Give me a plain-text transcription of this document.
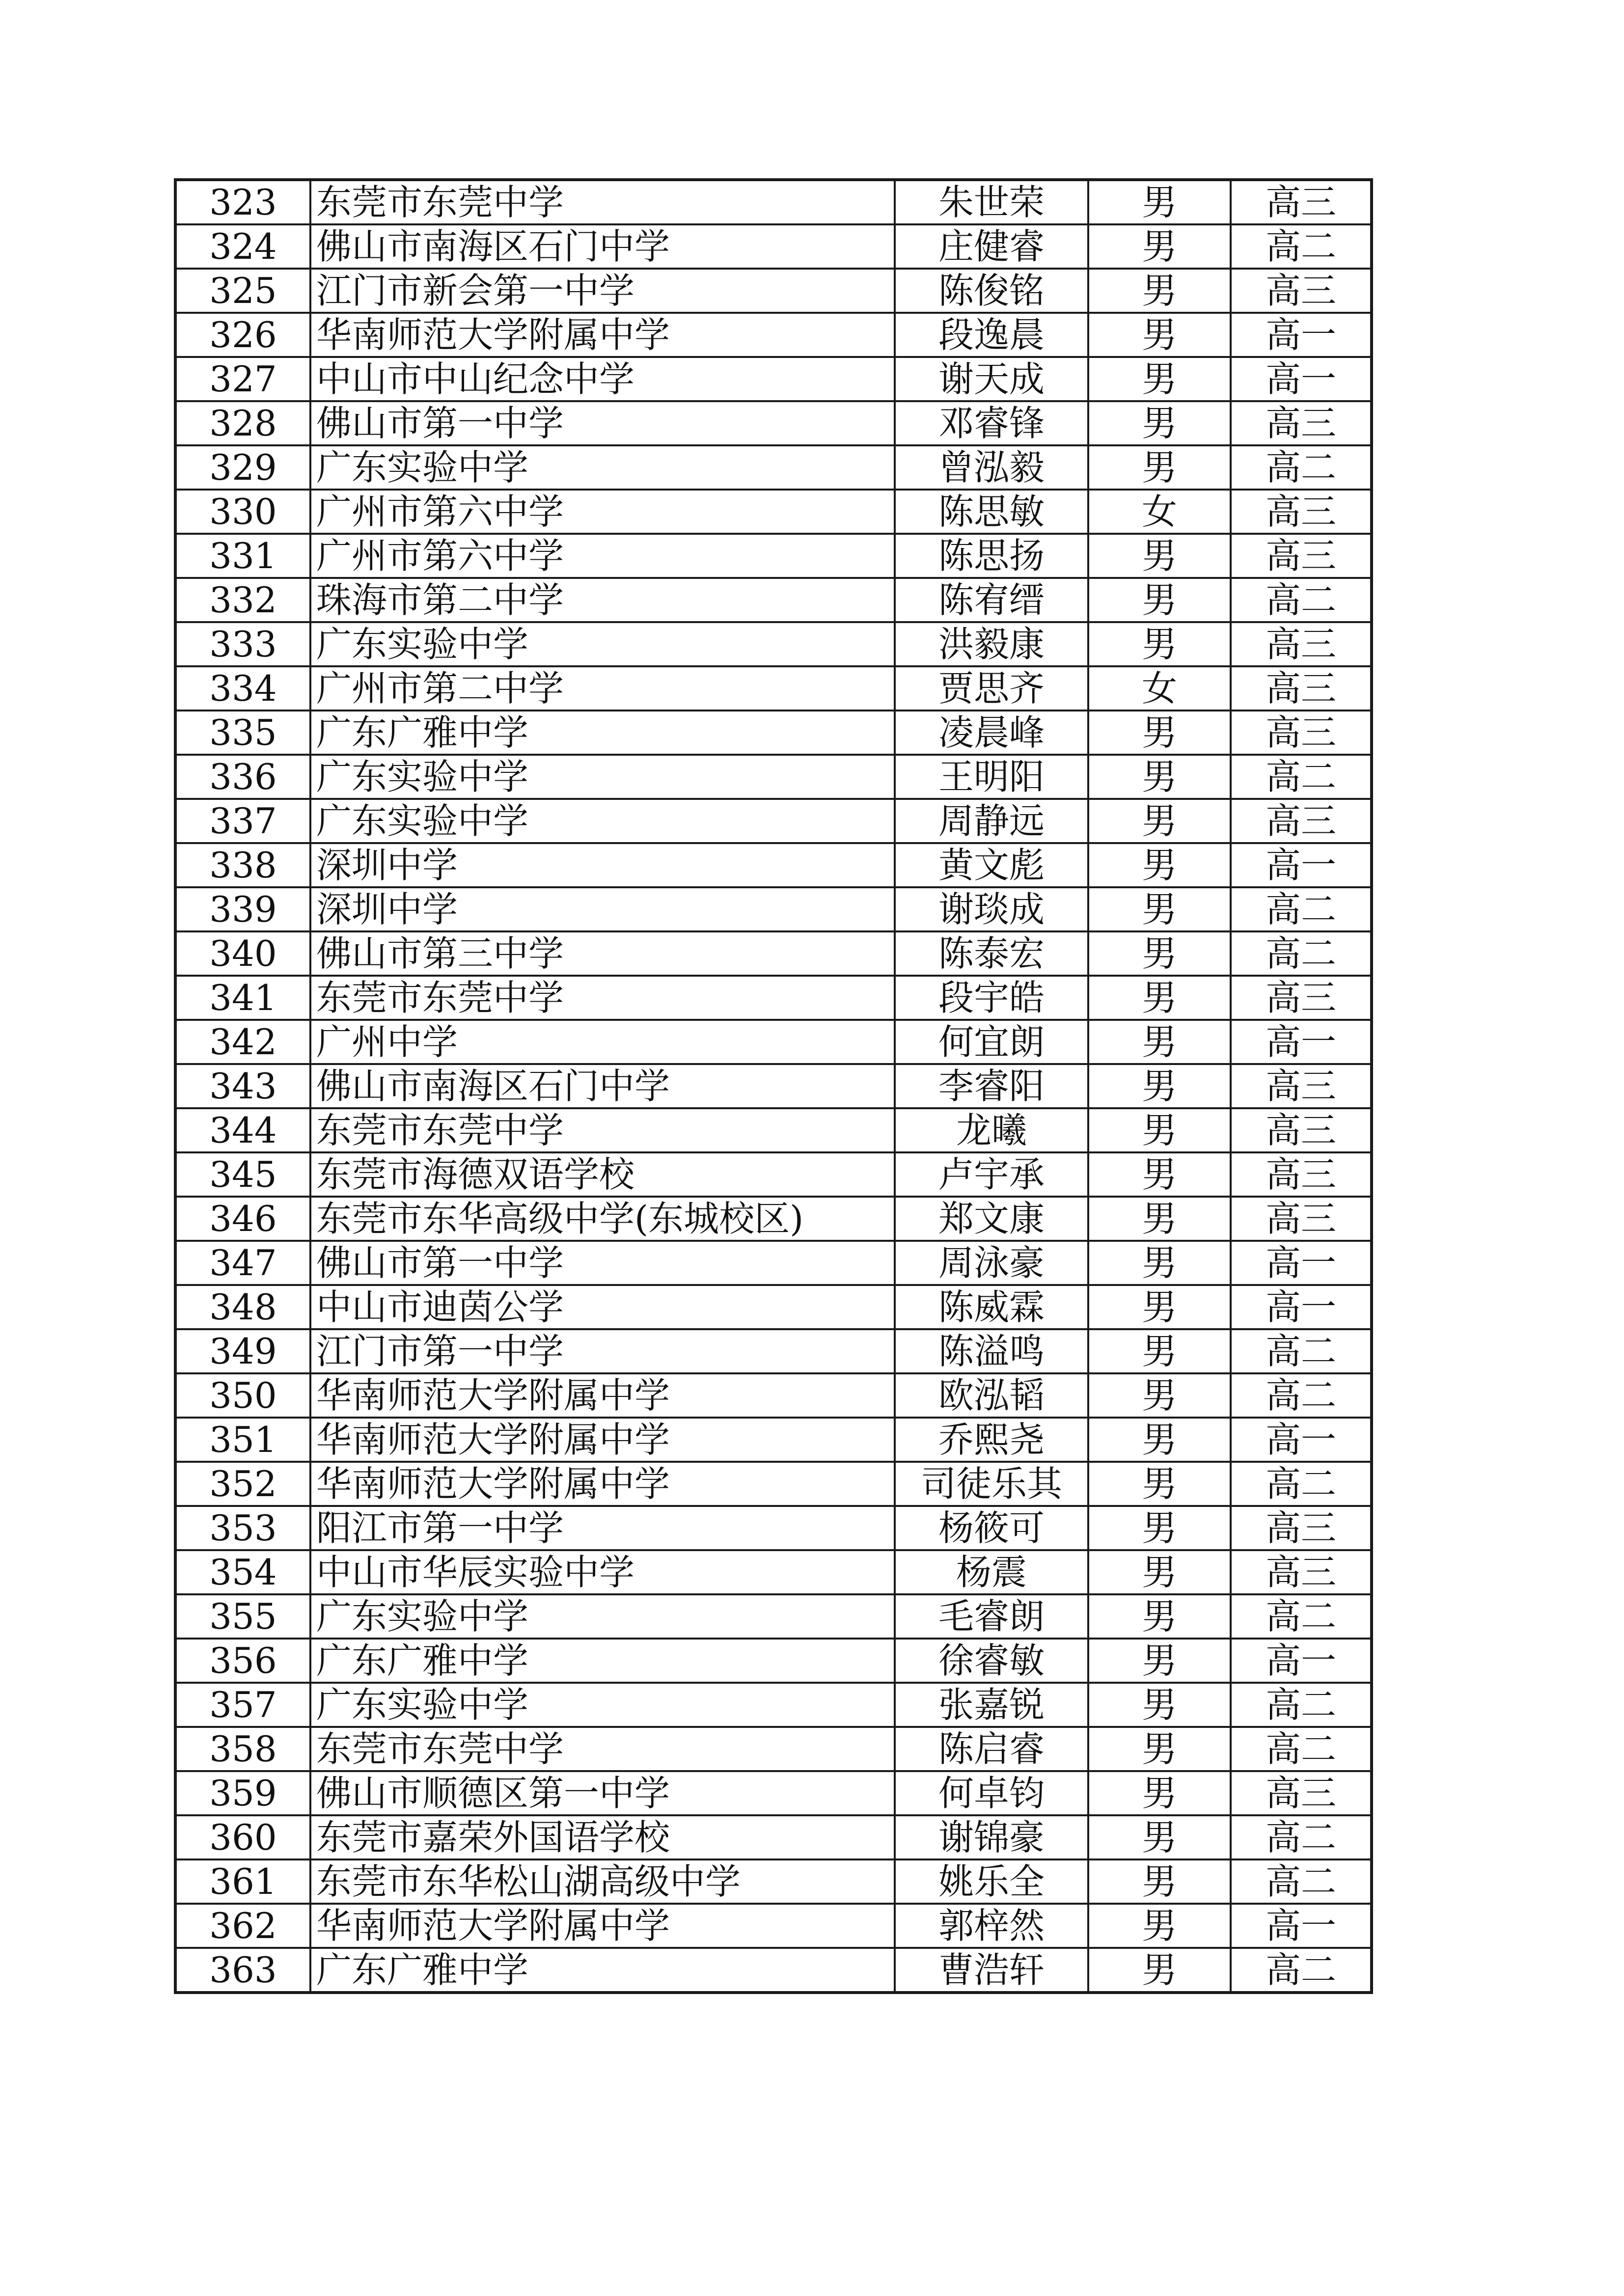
323	东莞市东莞中学	朱世荣	男	高三
324	佛山市南海区石门中学	庄健睿	男	高二
325	江门市新会第一中学	陈俊铭	男	高三
326	华南师范大学附属中学	段逸晨	男	高一
327	中山市中山纪念中学	谢天成	男	高一
328	佛山市第一中学	邓睿锋	男	高三
329	广东实验中学	曾泓毅	男	高二
330	广州市第六中学	陈思敏	女	高三
331	广州市第六中学	陈思扬	男	高三
332	珠海市第二中学	陈宥缙	男	高二
333	广东实验中学	洪毅康	男	高三
334	广州市第二中学	贾思齐	女	高三
335	广东广雅中学	凌晨峰	男	高三
336	广东实验中学	王明阳	男	高二
337	广东实验中学	周静远	男	高三
338	深圳中学	黄文彪	男	高一
339	深圳中学	谢琰成	男	高二
340	佛山市第三中学	陈泰宏	男	高二
341	东莞市东莞中学	段宇皓	男	高三
342	广州中学	何宜朗	男	高一
343	佛山市南海区石门中学	李睿阳	男	高三
344	东莞市东莞中学	龙曦	男	高三
345	东莞市海德双语学校	卢宇承	男	高三
346	东莞市东华高级中学(东城校区)	郑文康	男	高三
347	佛山市第一中学	周泳豪	男	高一
348	中山市迪茵公学	陈威霖	男	高一
349	江门市第一中学	陈溢鸣	男	高二
350	华南师范大学附属中学	欧泓韬	男	高二
351	华南师范大学附属中学	乔熙尧	男	高一
352	华南师范大学附属中学	司徒乐其	男	高二
353	阳江市第一中学	杨筱可	男	高三
354	中山市华辰实验中学	杨震	男	高三
355	广东实验中学	毛睿朗	男	高二
356	广东广雅中学	徐睿敏	男	高一
357	广东实验中学	张嘉锐	男	高二
358	东莞市东莞中学	陈启睿	男	高二
359	佛山市顺德区第一中学	何卓钧	男	高三
360	东莞市嘉荣外国语学校	谢锦豪	男	高二
361	东莞市东华松山湖高级中学	姚乐全	男	高二
362	华南师范大学附属中学	郭梓然	男	高一
363	广东广雅中学	曹浩轩	男	高二
